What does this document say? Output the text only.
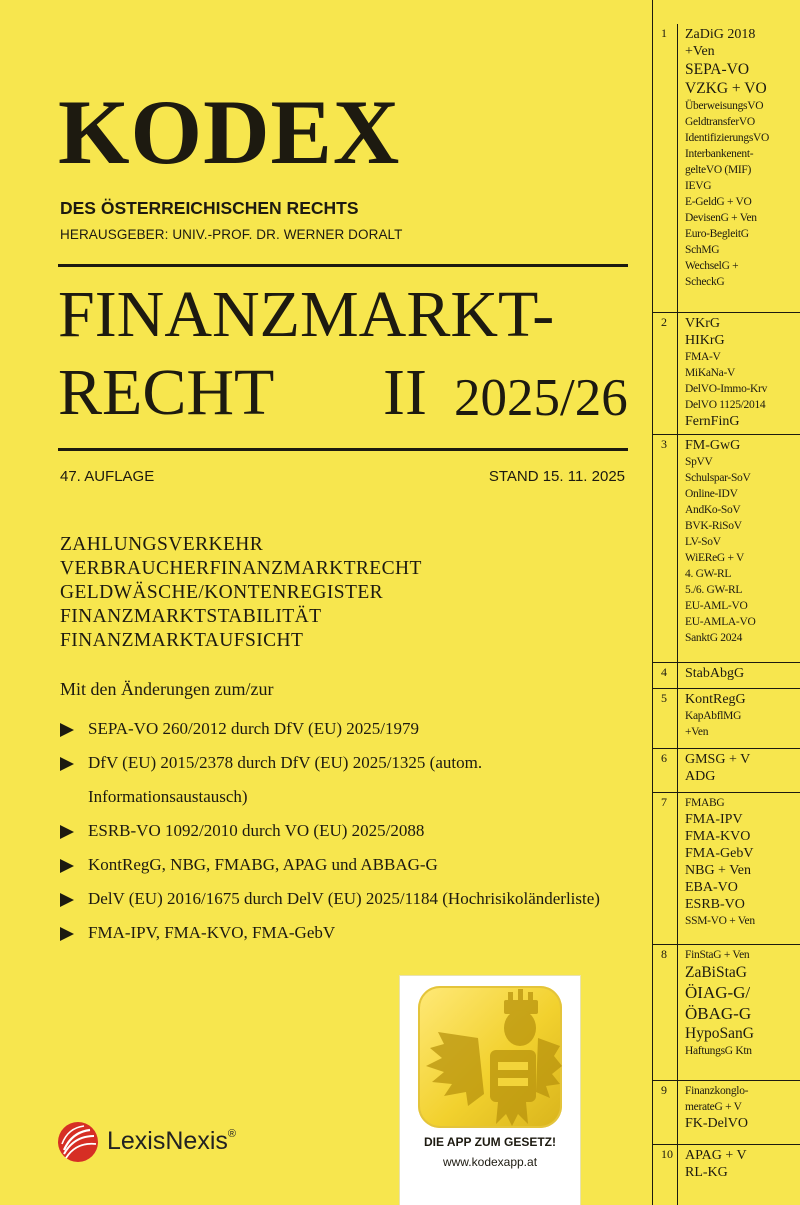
KODEX
DES ÖSTERREICHISCHEN RECHTS
HERAUSGEBER: UNIV.-PROF. DR. WERNER DORALT
FINANZMARKT-
RECHT II 2025/26
47. AUFLAGE	STAND 15. 11. 2025
ZAHLUNGSVERKEHR
VERBRAUCHERFINANZMARKTRECHT
GELDWÄSCHE/KONTENREGISTER
FINANZMARKTSTABILITÄT
FINANZMARKTAUFSICHT
Mit den Änderungen zum/zur
SEPA-VO 260/2012 durch DfV (EU) 2025/1979
DfV (EU) 2015/2378 durch DfV (EU) 2025/1325 (autom. Informationsaustausch)
ESRB-VO 1092/2010 durch VO (EU) 2025/2088
KontRegG, NBG, FMABG, APAG und ABBAG-G
DelV (EU) 2016/1675 durch DelV (EU) 2025/1184 (Hochrisikoländerliste)
FMA-IPV, FMA-KVO, FMA-GebV
DIE APP ZUM GESETZ!
www.kodexapp.at
LexisNexis®
1 ZaDiG 2018
+Ven
SEPA-VO
VZKG + VO
ÜberweisungsVO
GeldtransferVO
IdentifizierungsVO
Interbankenent-
gelteVO (MIF)
IEVG
E-GeldG + VO
DevisenG + Ven
Euro-BegleitG
SchMG
WechselG +
ScheckG
2 VKrG
HIKrG
FMA-V
MiKaNa-V
DelVO-Immo-Krv
DelVO 1125/2014
FernFinG
3 FM-GwG
SpVV
Schulspar-SoV
Online-IDV
AndKo-SoV
BVK-RiSoV
LV-SoV
WiEReG + V
4. GW-RL
5./6. GW-RL
EU-AML-VO
EU-AMLA-VO
SanktG 2024
4 StabAbgG
5 KontRegG
KapAbflMG
+Ven
6 GMSG + V
ADG
7 FMABG
FMA-IPV
FMA-KVO
FMA-GebV
NBG + Ven
EBA-VO
ESRB-VO
SSM-VO + Ven
8 FinStaG + Ven
ZaBiStaG
ÖIAG-G/
ÖBAG-G
HypoSanG
HaftungsG Ktn
9 Finanzkonglo-
merateG + V
FK-DelVO
10 APAG + V
RL-KG
